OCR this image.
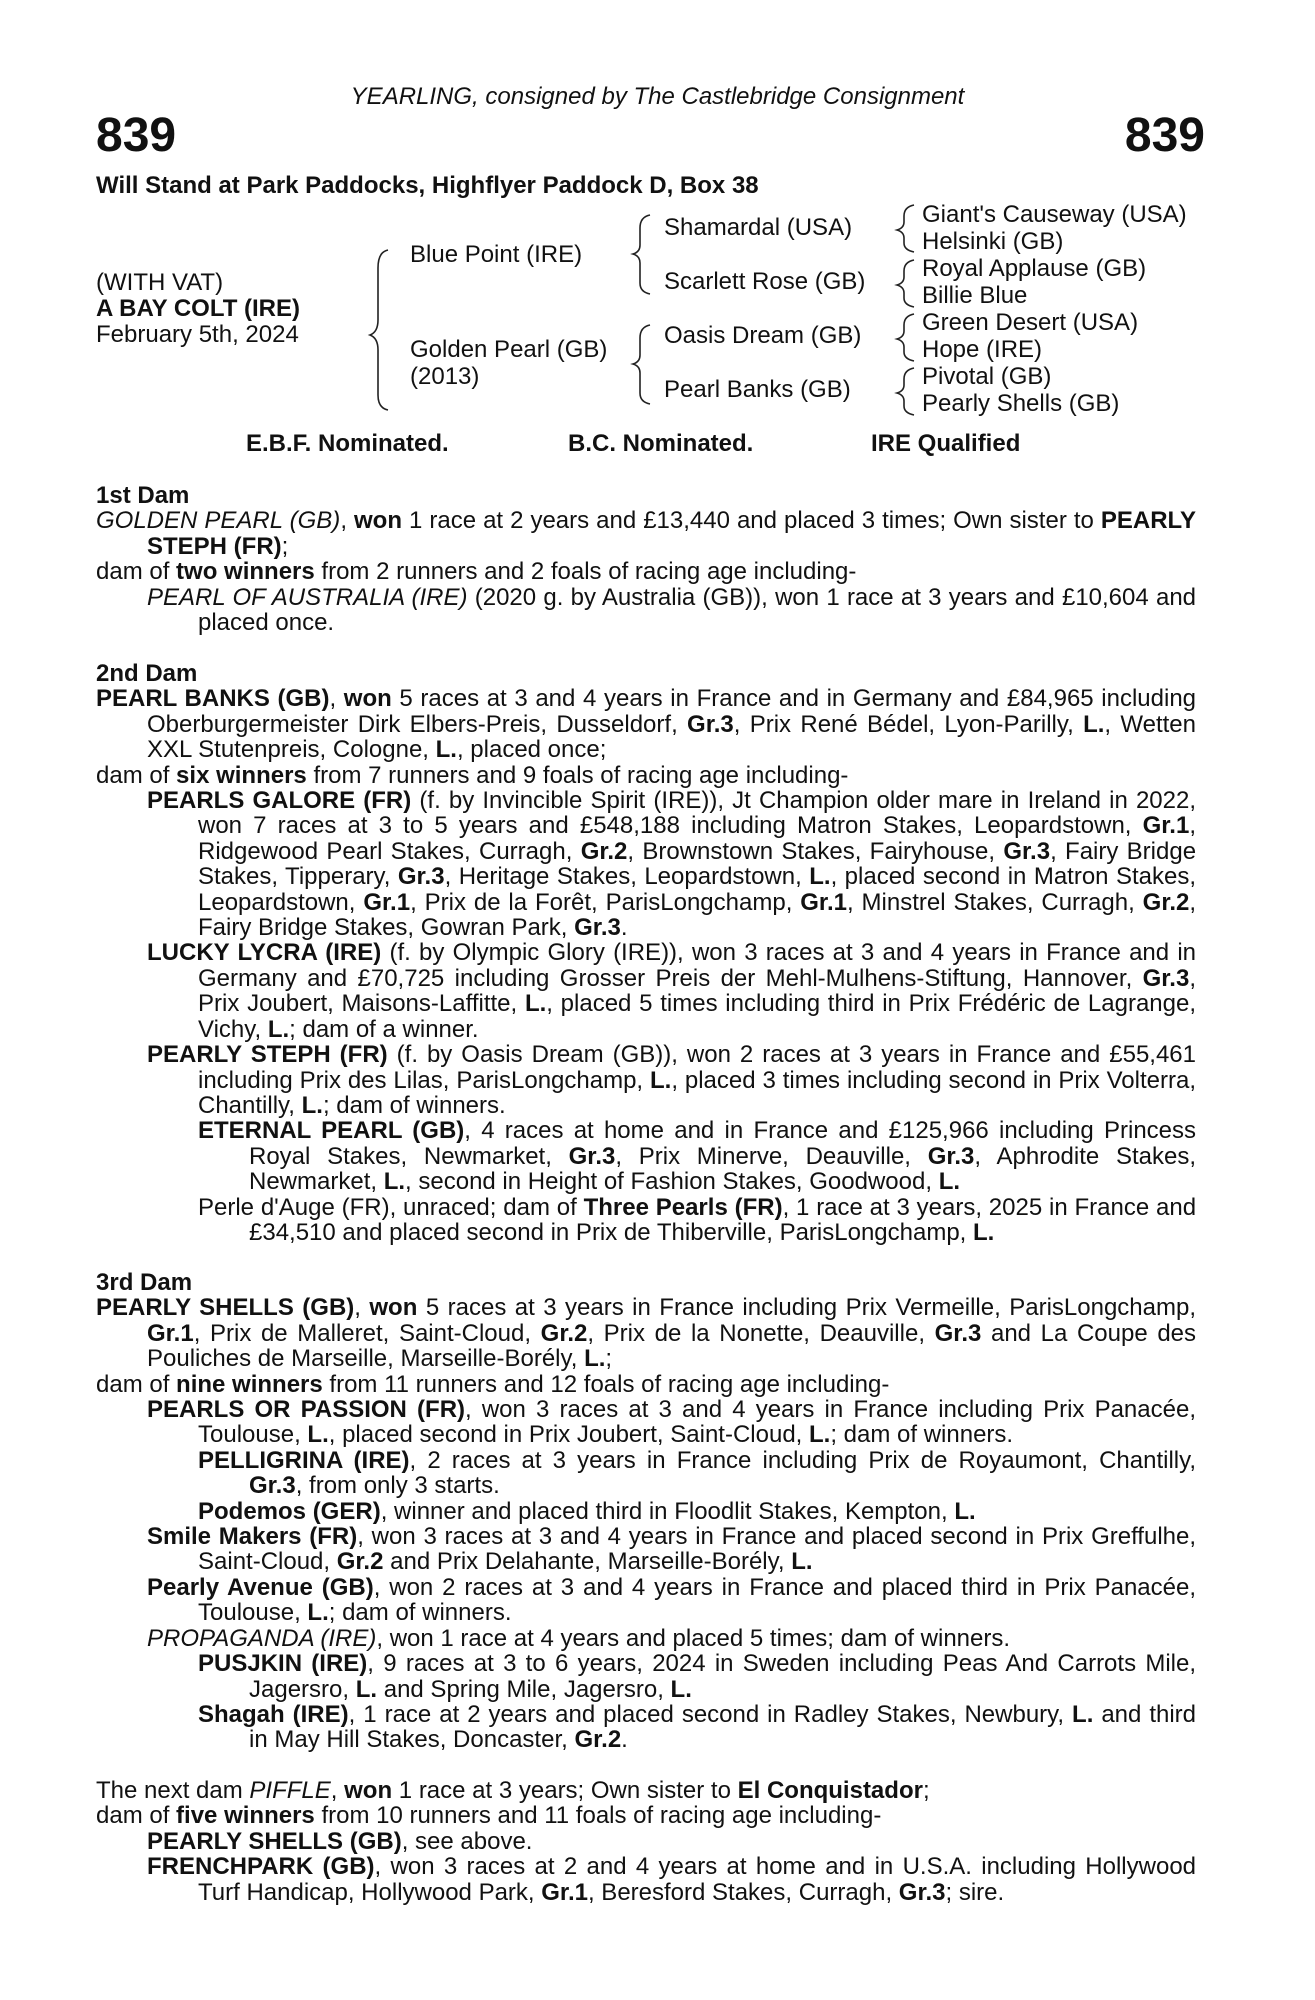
YEARLING, consigned by The Castlebridge Consignment
839	839
Will Stand at Park Paddocks, Highflyer Paddock D, Box 38
(WITH VAT)
A BAY COLT (IRE)
February 5th, 2024
Blue Point (IRE)
Golden Pearl (GB)
(2013)
Shamardal (USA)
Scarlett Rose (GB)
Oasis Dream (GB)
Pearl Banks (GB)
Giant's Causeway (USA)
Helsinki (GB)
Royal Applause (GB)
Billie Blue
Green Desert (USA)
Hope (IRE)
Pivotal (GB)
Pearly Shells (GB)
E.B.F. Nominated.	B.C. Nominated.	IRE Qualified
1st Dam
GOLDEN PEARL (GB), won 1 race at 2 years and £13,440 and placed 3 times; Own sister to PEARLY STEPH (FR);
dam of two winners from 2 runners and 2 foals of racing age including-
PEARL OF AUSTRALIA (IRE) (2020 g. by Australia (GB)), won 1 race at 3 years and £10,604 and placed once.
2nd Dam
PEARL BANKS (GB), won 5 races at 3 and 4 years in France and in Germany and £84,965 including Oberburgermeister Dirk Elbers-Preis, Dusseldorf, Gr.3, Prix René Bédel, Lyon-Parilly, L., Wetten XXL Stutenpreis, Cologne, L., placed once;
dam of six winners from 7 runners and 9 foals of racing age including-
PEARLS GALORE (FR) (f. by Invincible Spirit (IRE)), Jt Champion older mare in Ireland in 2022, won 7 races at 3 to 5 years and £548,188 including Matron Stakes, Leopardstown, Gr.1, Ridgewood Pearl Stakes, Curragh, Gr.2, Brownstown Stakes, Fairyhouse, Gr.3, Fairy Bridge Stakes, Tipperary, Gr.3, Heritage Stakes, Leopardstown, L., placed second in Matron Stakes, Leopardstown, Gr.1, Prix de la Forêt, ParisLongchamp, Gr.1, Minstrel Stakes, Curragh, Gr.2, Fairy Bridge Stakes, Gowran Park, Gr.3.
LUCKY LYCRA (IRE) (f. by Olympic Glory (IRE)), won 3 races at 3 and 4 years in France and in Germany and £70,725 including Grosser Preis der Mehl-Mulhens-Stiftung, Hannover, Gr.3, Prix Joubert, Maisons-Laffitte, L., placed 5 times including third in Prix Frédéric de Lagrange, Vichy, L.; dam of a winner.
PEARLY STEPH (FR) (f. by Oasis Dream (GB)), won 2 races at 3 years in France and £55,461 including Prix des Lilas, ParisLongchamp, L., placed 3 times including second in Prix Volterra, Chantilly, L.; dam of winners.
ETERNAL PEARL (GB), 4 races at home and in France and £125,966 including Princess Royal Stakes, Newmarket, Gr.3, Prix Minerve, Deauville, Gr.3, Aphrodite Stakes, Newmarket, L., second in Height of Fashion Stakes, Goodwood, L.
Perle d'Auge (FR), unraced; dam of Three Pearls (FR), 1 race at 3 years, 2025 in France and £34,510 and placed second in Prix de Thiberville, ParisLongchamp, L.
3rd Dam
PEARLY SHELLS (GB), won 5 races at 3 years in France including Prix Vermeille, ParisLongchamp, Gr.1, Prix de Malleret, Saint-Cloud, Gr.2, Prix de la Nonette, Deauville, Gr.3 and La Coupe des Pouliches de Marseille, Marseille-Borély, L.;
dam of nine winners from 11 runners and 12 foals of racing age including-
PEARLS OR PASSION (FR), won 3 races at 3 and 4 years in France including Prix Panacée, Toulouse, L., placed second in Prix Joubert, Saint-Cloud, L.; dam of winners.
PELLIGRINA (IRE), 2 races at 3 years in France including Prix de Royaumont, Chantilly, Gr.3, from only 3 starts.
Podemos (GER), winner and placed third in Floodlit Stakes, Kempton, L.
Smile Makers (FR), won 3 races at 3 and 4 years in France and placed second in Prix Greffulhe, Saint-Cloud, Gr.2 and Prix Delahante, Marseille-Borély, L.
Pearly Avenue (GB), won 2 races at 3 and 4 years in France and placed third in Prix Panacée, Toulouse, L.; dam of winners.
PROPAGANDA (IRE), won 1 race at 4 years and placed 5 times; dam of winners.
PUSJKIN (IRE), 9 races at 3 to 6 years, 2024 in Sweden including Peas And Carrots Mile, Jagersro, L. and Spring Mile, Jagersro, L.
Shagah (IRE), 1 race at 2 years and placed second in Radley Stakes, Newbury, L. and third in May Hill Stakes, Doncaster, Gr.2.
The next dam PIFFLE, won 1 race at 3 years; Own sister to El Conquistador;
dam of five winners from 10 runners and 11 foals of racing age including-
PEARLY SHELLS (GB), see above.
FRENCHPARK (GB), won 3 races at 2 and 4 years at home and in U.S.A. including Hollywood Turf Handicap, Hollywood Park, Gr.1, Beresford Stakes, Curragh, Gr.3; sire.
